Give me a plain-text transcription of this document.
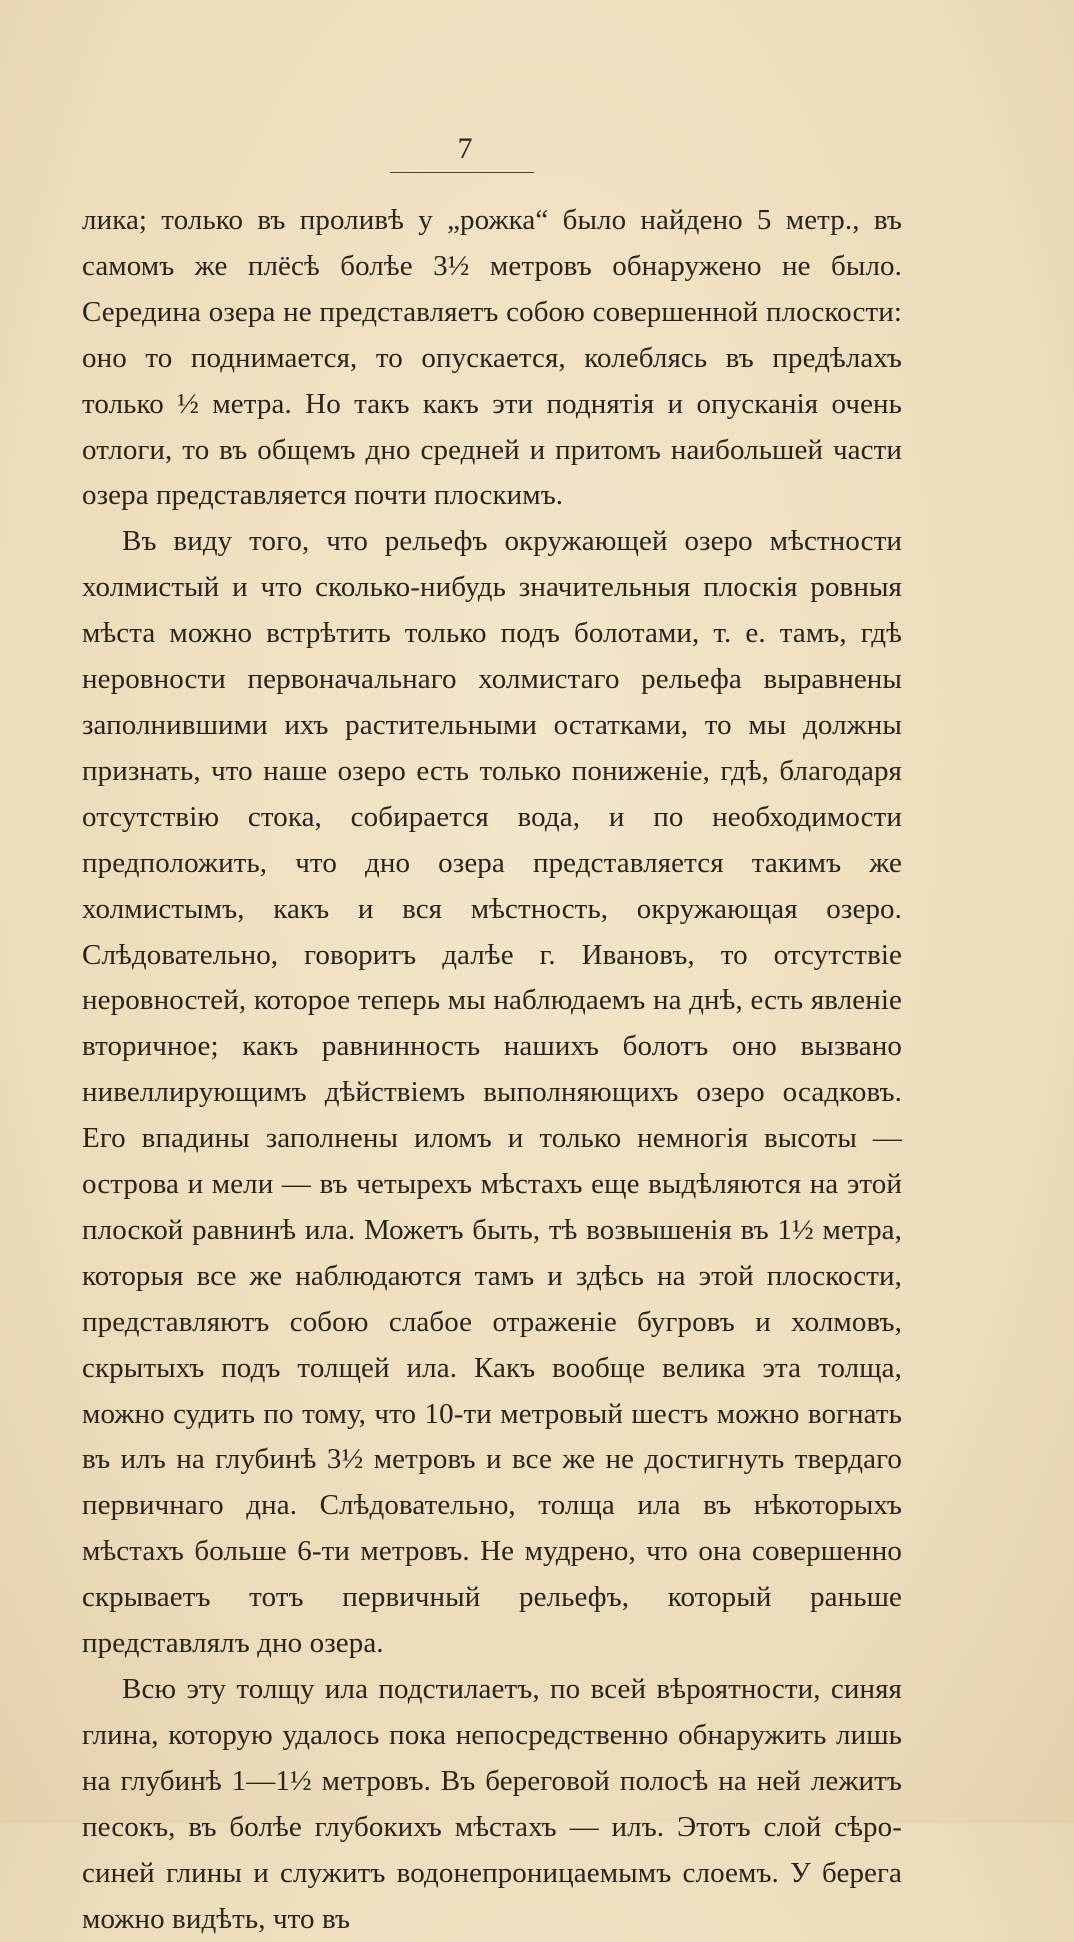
7

лика; только въ проливѣ у „рожка“ было найдено 5 метр., въ самомъ же плёсѣ болѣе 3½ метровъ обнаружено не было. Середина озера не представляетъ собою совершенной плоскости: оно то поднимается, то опускается, колеблясь въ предѣлахъ только ½ метра. Но такъ какъ эти поднятія и опусканія очень отлоги, то въ общемъ дно средней и притомъ наибольшей части озера представляется почти плоскимъ.

Въ виду того, что рельефъ окружающей озеро мѣстности холмистый и что сколько-нибудь значительныя плоскія ровныя мѣста можно встрѣтить только подъ болотами, т. е. тамъ, гдѣ неровности первоначальнаго холмистаго рельефа выравнены заполнившими ихъ растительными остатками, то мы должны признать, что наше озеро есть только пониженіе, гдѣ, благодаря отсутствію стока, собирается вода, и по необходимости предположить, что дно озера представляется такимъ же холмистымъ, какъ и вся мѣстность, окружающая озеро. Слѣдовательно, говоритъ далѣе г. Ивановъ, то отсутствіе неровностей, которое теперь мы наблюдаемъ на днѣ, есть явленіе вторичное; какъ равнинность нашихъ болотъ оно вызвано нивеллирующимъ дѣйствіемъ выполняющихъ озеро осадковъ. Его впадины заполнены иломъ и только немногія высоты — острова и мели — въ четырехъ мѣстахъ еще выдѣляются на этой плоской равнинѣ ила. Можетъ быть, тѣ возвышенія въ 1½ метра, которыя все же наблюдаются тамъ и здѣсь на этой плоскости, представляютъ собою слабое отраженіе бугровъ и холмовъ, скрытыхъ подъ толщей ила. Какъ вообще велика эта толща, можно судить по тому, что 10-ти метровый шестъ можно вогнать въ илъ на глубинѣ 3½ метровъ и все же не достигнуть твердаго первичнаго дна. Слѣдовательно, толща ила въ нѣкоторыхъ мѣстахъ больше 6-ти метровъ. Не мудрено, что она совершенно скрываетъ тотъ первичный рельефъ, который раньше представлялъ дно озера.

Всю эту толщу ила подстилаетъ, по всей вѣроятности, синяя глина, которую удалось пока непосредственно обнаружить лишь на глубинѣ 1—1½ метровъ. Въ береговой полосѣ на ней лежитъ песокъ, въ болѣе глубокихъ мѣстахъ — илъ. Этотъ слой сѣро-синей глины и служитъ водонепроницаемымъ слоемъ. У берега можно видѣть, что въ
